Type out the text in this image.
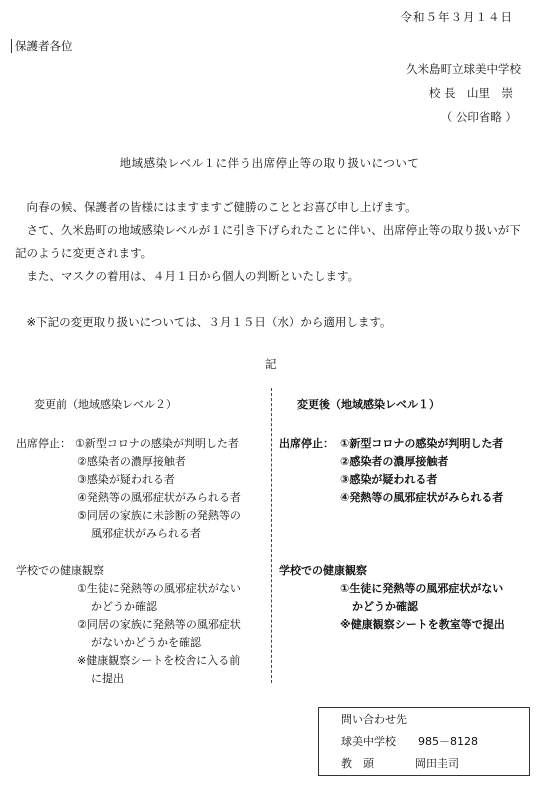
令和５年３月１４日
保護者各位
久米島町立球美中学校
校 長　山里　崇
（ 公印省略 ）
地域感染レベル１に伴う出席停止等の取り扱いについて
向春の候、保護者の皆様にはますますご健勝のこととお喜び申し上げます。
さて、久米島町の地域感染レベルが１に引き下げられたことに伴い、出席停止等の取り扱いが下記のように変更されます。
また、マスクの着用は、４月１日から個人の判断といたします。
※下記の変更取り扱いについては、３月１５日（水）から適用します。
記
変更前（地域感染レベル２）
出席停止： ①新型コロナの感染が判明した者
②感染者の濃厚接触者
③感染が疑われる者
④発熱等の風邪症状がみられる者
⑤同居の家族に未診断の発熱等の
風邪症状がみられる者
学校での健康観察
①生徒に発熱等の風邪症状がない
かどうか確認
②同居の家族に発熱等の風邪症状
がないかどうかを確認
※健康観察シートを校舎に入る前
に提出
変更後（地域感染レベル１）
出席停止： ①新型コロナの感染が判明した者
②感染者の濃厚接触者
③感染が疑われる者
④発熱等の風邪症状がみられる者
学校での健康観察
①生徒に発熱等の風邪症状がない
かどうか確認
※健康観察シートを教室等で提出
問い合わせ先
球美中学校　　985－8128
教　頭	岡田圭司
